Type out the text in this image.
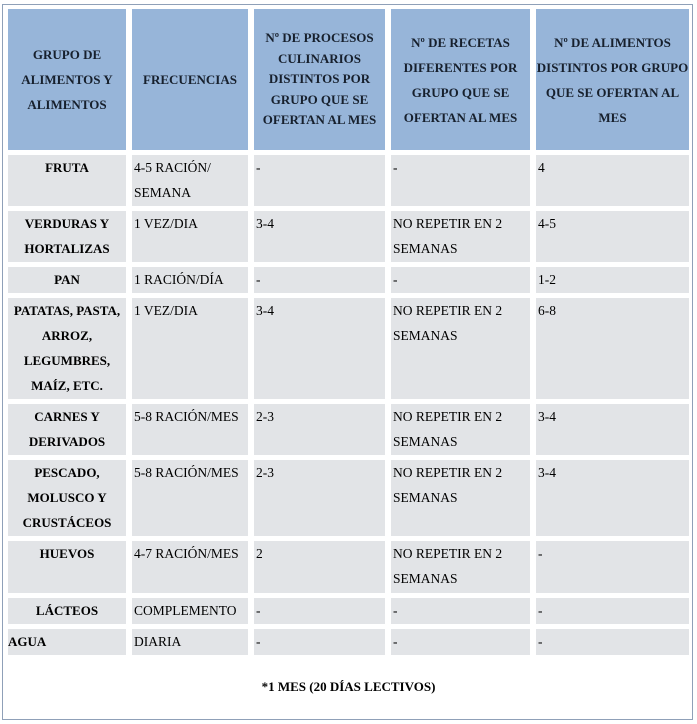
GRUPO DE ALIMENTOS Y ALIMENTOS	FRECUENCIAS	Nº DE PROCESOS CULINARIOS DISTINTOS POR GRUPO QUE SE OFERTAN AL MES	Nº DE RECETAS DIFERENTES POR GRUPO QUE SE OFERTAN AL MES	Nº DE ALIMENTOS DISTINTOS POR GRUPO QUE SE OFERTAN AL MES
FRUTA	4-5 RACIÓN/ SEMANA	-	-	4
VERDURAS Y HORTALIZAS	1 VEZ/DIA	3-4	NO REPETIR EN 2 SEMANAS	4-5
PAN	1 RACIÓN/DÍA	-	-	1-2
PATATAS, PASTA, ARROZ, LEGUMBRES, MAÍZ, ETC.	1 VEZ/DIA	3-4	NO REPETIR EN 2 SEMANAS	6-8
CARNES Y DERIVADOS	5-8 RACIÓN/MES	2-3	NO REPETIR EN 2 SEMANAS	3-4
PESCADO, MOLUSCO Y CRUSTÁCEOS	5-8 RACIÓN/MES	2-3	NO REPETIR EN 2 SEMANAS	3-4
HUEVOS	4-7 RACIÓN/MES	2	NO REPETIR EN 2 SEMANAS	-
LÁCTEOS	COMPLEMENTO	-	-	-
AGUA	DIARIA	-	-	-
*1 MES (20 DÍAS LECTIVOS)
